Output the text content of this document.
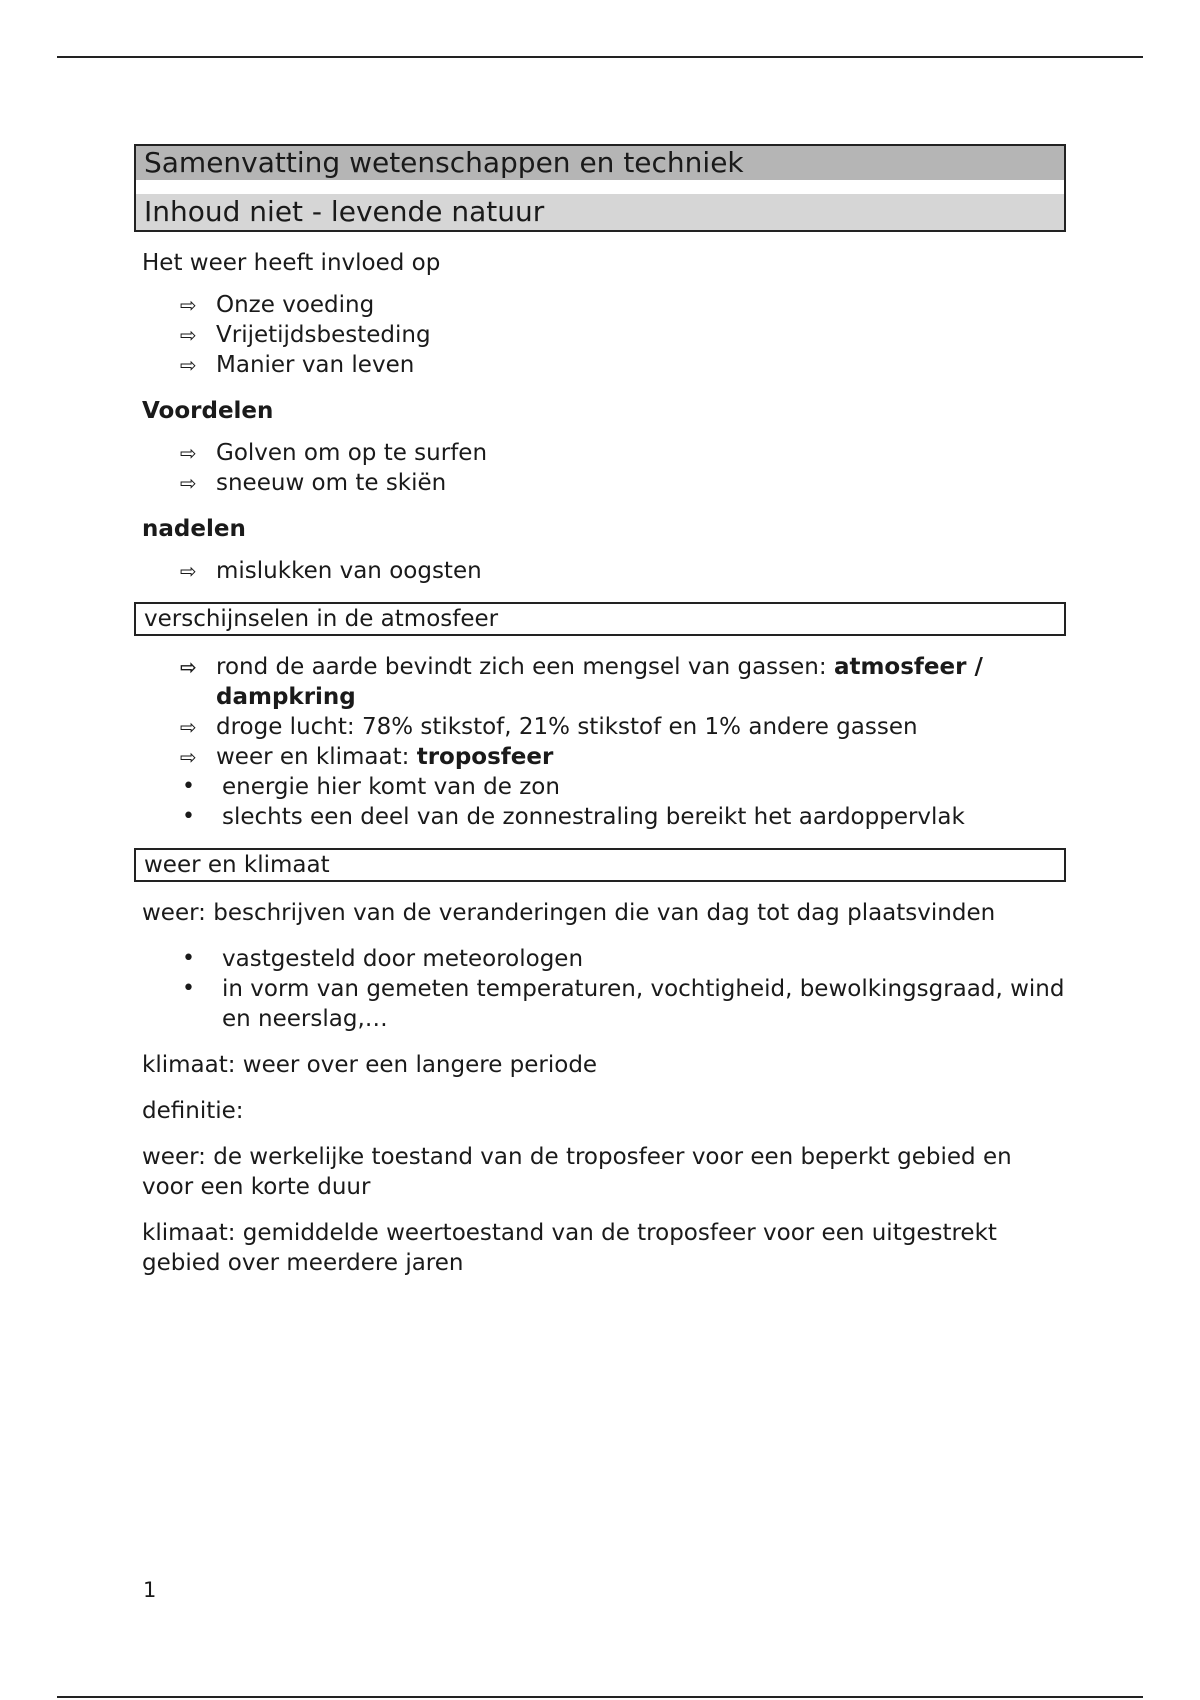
Samenvatting wetenschappen en techniek
Inhoud niet - levende natuur

Het weer heeft invloed op

⇨ Onze voeding
⇨ Vrijetijdsbesteding
⇨ Manier van leven

Voordelen

⇨ Golven om op te surfen
⇨ sneeuw om te skiën

nadelen

⇨ mislukken van oogsten
verschijnselen in de atmosfeer
⇨ rond de aarde bevindt zich een mengsel van gassen: atmosfeer / dampkring
⇨ droge lucht: 78% stikstof, 21% stikstof en 1% andere gassen
⇨ weer en klimaat: troposfeer
• energie hier komt van de zon
• slechts een deel van de zonnestraling bereikt het aardoppervlak
weer en klimaat

weer: beschrijven van de veranderingen die van dag tot dag plaatsvinden

• vastgesteld door meteorologen
• in vorm van gemeten temperaturen, vochtigheid, bewolkingsgraad, wind en neerslag,…

klimaat: weer over een langere periode

definitie:

weer: de werkelijke toestand van de troposfeer voor een beperkt gebied en voor een korte duur

klimaat: gemiddelde weertoestand van de troposfeer voor een uitgestrekt gebied over meerdere jaren

1
